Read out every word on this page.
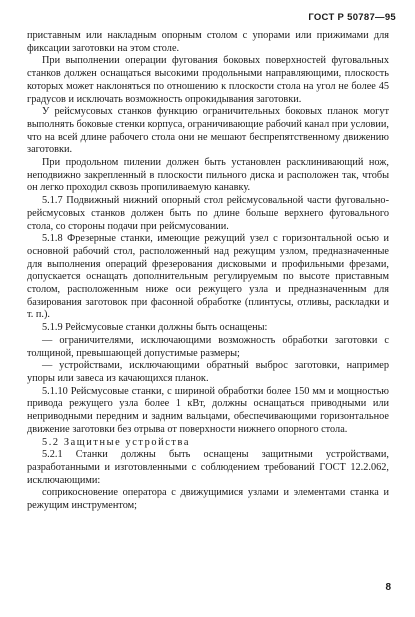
ГОСТ Р 50787—95

приставным или накладным опорным столом с упорами или прижимами для фиксации заготовки на этом столе.

При выполнении операции фугования боковых поверхностей фуговальных станков должен оснащаться высокими продольными направляющими, плоскость которых может наклоняться по отношению к плоскости стола на угол не более 45 градусов и исключать возможность опрокидывания заготовки.

У рейсмусовых станков функцию ограничительных боковых планок могут выполнять боковые стенки корпуса, ограничивающие рабочий канал при условии, что на всей длине рабочего стола они не мешают беспрепятственному движению заготовки.

При продольном пилении должен быть установлен расклинивающий нож, неподвижно закрепленный в плоскости пильного диска и расположен так, чтобы он легко проходил сквозь пропиливаемую канавку.

5.1.7 Подвижный нижний опорный стол рейсмусовальной части фуговально-рейсмусовых станков должен быть по длине больше верхнего фуговального стола, со стороны подачи при рейсмусовании.

5.1.8 Фрезерные станки, имеющие режущий узел с горизонтальной осью и основной рабочий стол, расположенный над режущим узлом, предназначенные для выполнения операций фрезерования дисковыми и профильными фрезами, допускается оснащать дополнительным регулируемым по высоте приставным столом, расположенным ниже оси режущего узла и предназначенным для базирования заготовок при фасонной обработке (плинтусы, отливы, раскладки и т. п.).

5.1.9 Рейсмусовые станки должны быть оснащены:

— ограничителями, исключающими возможность обработки заготовки с толщиной, превышающей допустимые размеры;

— устройствами, исключающими обратный выброс заготовки, например упоры или завеса из качающихся планок.

5.1.10 Рейсмусовые станки, с шириной обработки более 150 мм и мощностью привода режущего узла более 1 кВт, должны оснащаться приводными или неприводными передним и задним вальцами, обеспечивающими горизонтальное движение заготовки без отрыва от поверхности нижнего опорного стола.

5.2 Защитные устройства

5.2.1 Станки должны быть оснащены защитными устройствами, разработанными и изготовленными с соблюдением требований ГОСТ 12.2.062, исключающими:

соприкосновение оператора с движущимися узлами и элементами станка и режущим инструментом;

8
